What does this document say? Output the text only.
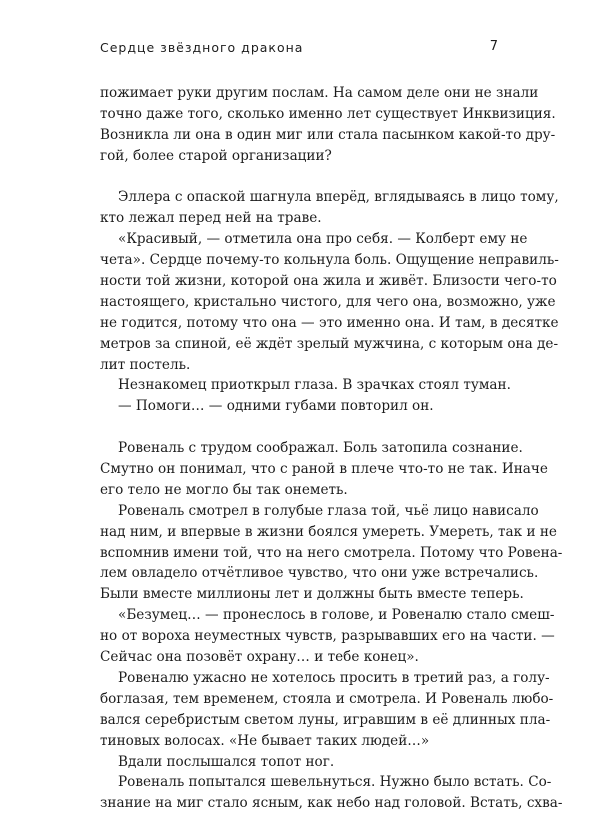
Сердце звёздного дракона	7
пожимает руки другим послам. На самом деле они не знали
точно даже того, сколько именно лет существует Инквизиция.
Возникла ли она в один миг или стала пасынком какой-то дру-
гой, более старой организации?
Эллера с опаской шагнула вперёд, вглядываясь в лицо тому,
кто лежал перед ней на траве.
«Красивый, — отметила она про себя. — Колберт ему не
чета». Сердце почему-то кольнула боль. Ощущение неправиль-
ности той жизни, которой она жила и живёт. Близости чего-то
настоящего, кристально чистого, для чего она, возможно, уже
не годится, потому что она — это именно она. И там, в десятке
метров за спиной, её ждёт зрелый мужчина, с которым она де-
лит постель.
Незнакомец приоткрыл глаза. В зрачках стоял туман.
— Помоги… — одними губами повторил он.
Ровеналь с трудом соображал. Боль затопила сознание.
Смутно он понимал, что с раной в плече что-то не так. Иначе
его тело не могло бы так онеметь.
Ровеналь смотрел в голубые глаза той, чьё лицо нависало
над ним, и впервые в жизни боялся умереть. Умереть, так и не
вспомнив имени той, что на него смотрела. Потому что Ровена-
лем овладело отчётливое чувство, что они уже встречались.
Были вместе миллионы лет и должны быть вместе теперь.
«Безумец… — пронеслось в голове, и Ровеналю стало смеш-
но от вороха неуместных чувств, разрывавших его на части. —
Сейчас она позовёт охрану… и тебе конец».
Ровеналю ужасно не хотелось просить в третий раз, а голу-
боглазая, тем временем, стояла и смотрела. И Ровеналь любо-
вался серебристым светом луны, игравшим в её длинных пла-
тиновых волосах. «Не бывает таких людей…»
Вдали послышался топот ног.
Ровеналь попытался шевельнуться. Нужно было встать. Со-
знание на миг стало ясным, как небо над головой. Встать, схва-
